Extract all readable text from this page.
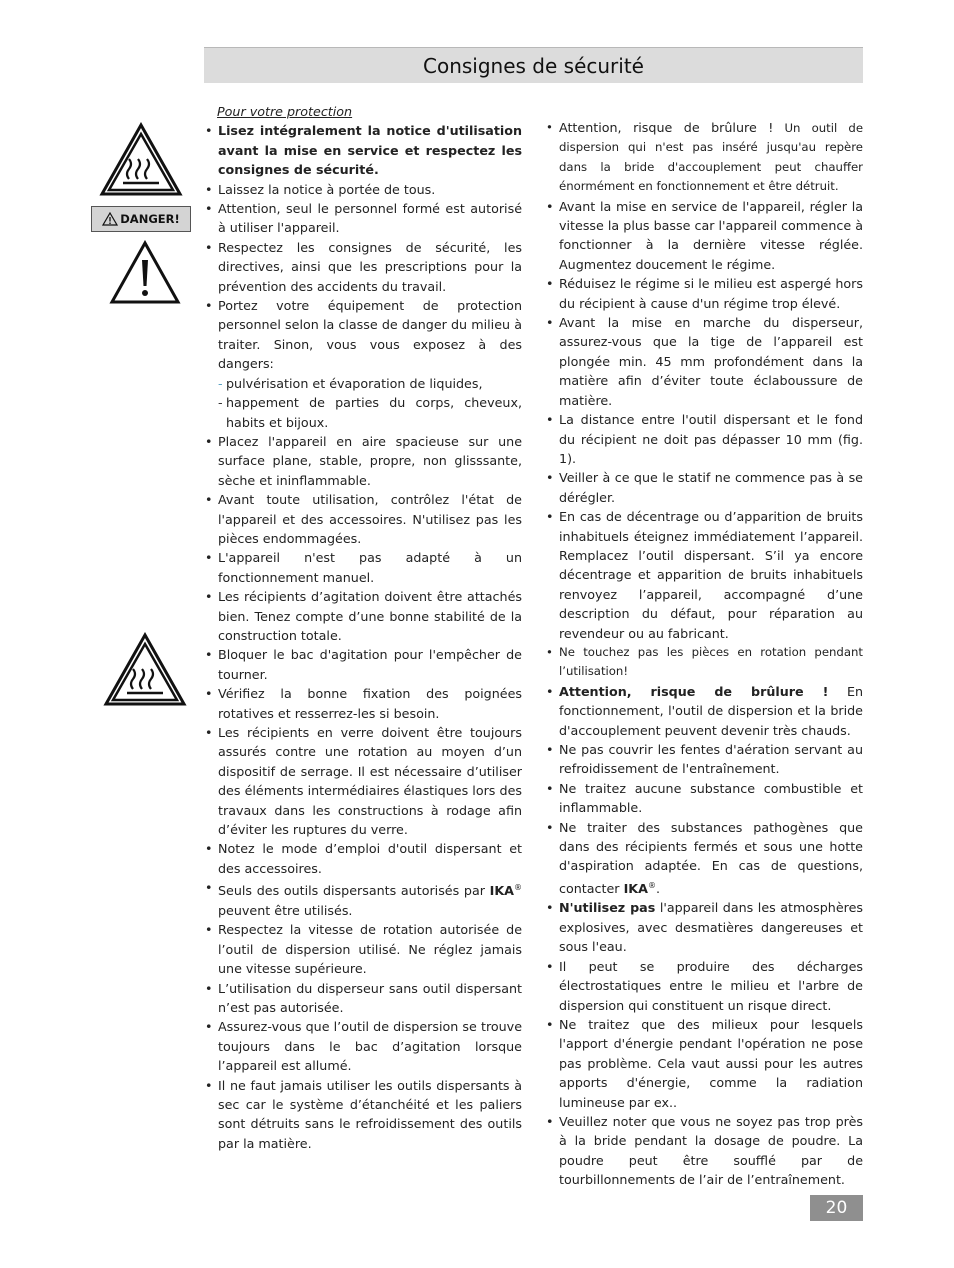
Consignes de sécurité
DANGER!

Pour votre protection

• Lisez intégralement la notice d'utilisation avant la mise en service et respectez les consignes de sécurité.
• Laissez la notice à portée de tous.
• Attention, seul le personnel formé est autorisé à utiliser l'appareil.
• Respectez les consignes de sécurité, les directives, ainsi que les prescriptions pour la prévention des accidents du travail.
• Portez votre équipement de protection personnel selon la classe de danger du milieu à traiter. Sinon, vous vous exposez à des dangers:
- pulvérisation et évaporation de liquides,
- happement de parties du corps, cheveux, habits et bijoux.
• Placez l'appareil en aire spacieuse sur une surface plane, stable, propre, non glisssante, sèche et ininflammable.
• Avant toute utilisation, contrôlez l'état de l'appareil et des accessoires. N'utilisez pas les pièces endommagées.
• L'appareil n'est pas adapté à un fonctionnement manuel.
• Les récipients d’agitation doivent être attachés bien. Tenez compte d’une bonne stabilité de la construction totale.
• Bloquer le bac d'agitation pour l'empêcher de tourner.
• Vérifiez la bonne fixation des poignées rotatives et resserrez-les si besoin.
• Les récipients en verre doivent être toujours assurés contre une rotation au moyen d’un dispositif de serrage. Il est nécessaire d’utiliser des éléments intermédiaires élastiques lors des travaux dans les constructions à rodage afin d’éviter les ruptures du verre.
• Notez le mode d’emploi d'outil dispersant et des accessoires.
• Seuls des outils dispersants autorisés par IKA® peuvent être utilisés.
• Respectez la vitesse de rotation autorisée de l’outil de dispersion utilisé. Ne réglez jamais une vitesse supérieure.
• L’utilisation du disperseur sans outil dispersant n’est pas autorisée.
• Assurez-vous que l’outil de dispersion se trouve toujours dans le bac d’agitation lorsque l’appareil est allumé.
• Il ne faut jamais utiliser les outils dispersants à sec car le système d’étanchéité et les paliers sont détruits sans le refroidissement des outils par la matière.
• Attention, risque de brûlure ! Un outil de dispersion qui n'est pas inséré jusqu'au repère dans la bride d'accouplement peut chauffer énormément en fonctionnement et être détruit.
• Avant la mise en service de l'appareil, régler la vitesse la plus basse car l'appareil commence à fonctionner à la dernière vitesse réglée. Augmentez doucement le régime.
• Réduisez le régime si le milieu est aspergé hors du récipient à cause d'un régime trop élevé.
• Avant la mise en marche du disperseur, assurez-vous que la tige de l’appareil est plongée min. 45 mm profondément dans la matière afin d’éviter toute éclaboussure de matière.
• La distance entre l'outil dispersant et le fond du récipient ne doit pas dépasser 10 mm (fig. 1).
• Veiller à ce que le statif ne commence pas à se dérégler.
• En cas de décentrage ou d’apparition de bruits inhabituels éteignez immédiatement l’appareil. Remplacez l’outil dispersant. S’il ya encore décentrage et apparition de bruits inhabituels renvoyez l’appareil, accompagné d’une description du défaut, pour réparation au revendeur ou au fabricant.
• Ne touchez pas les pièces en rotation pendant l’utilisation!
• Attention, risque de brûlure ! En fonctionnement, l'outil de dispersion et la bride d'accouplement peuvent devenir très chauds.
• Ne pas couvrir les fentes d'aération servant au refroidissement de l'entraînement.
• Ne traitez aucune substance combustible et inflammable.
• Ne traiter des substances pathogènes que dans des récipients fermés et sous une hotte d'aspiration adaptée. En cas de questions, contacter IKA®.
• N'utilisez pas l'appareil dans les atmosphères explosives, avec desmatières dangereuses et sous l'eau.
• Il peut se produire des décharges électrostatiques entre le milieu et l'arbre de dispersion qui constituent un risque direct.
• Ne traitez que des milieux pour lesquels l'apport d'énergie pendant l'opération ne pose pas problème. Cela vaut aussi pour les autres apports d'énergie, comme la radiation lumineuse par ex..
• Veuillez noter que vous ne soyez pas trop près à la bride pendant la dosage de poudre. La poudre peut être soufflé par de tourbillonnements de l’air de l’entraînement.
20
